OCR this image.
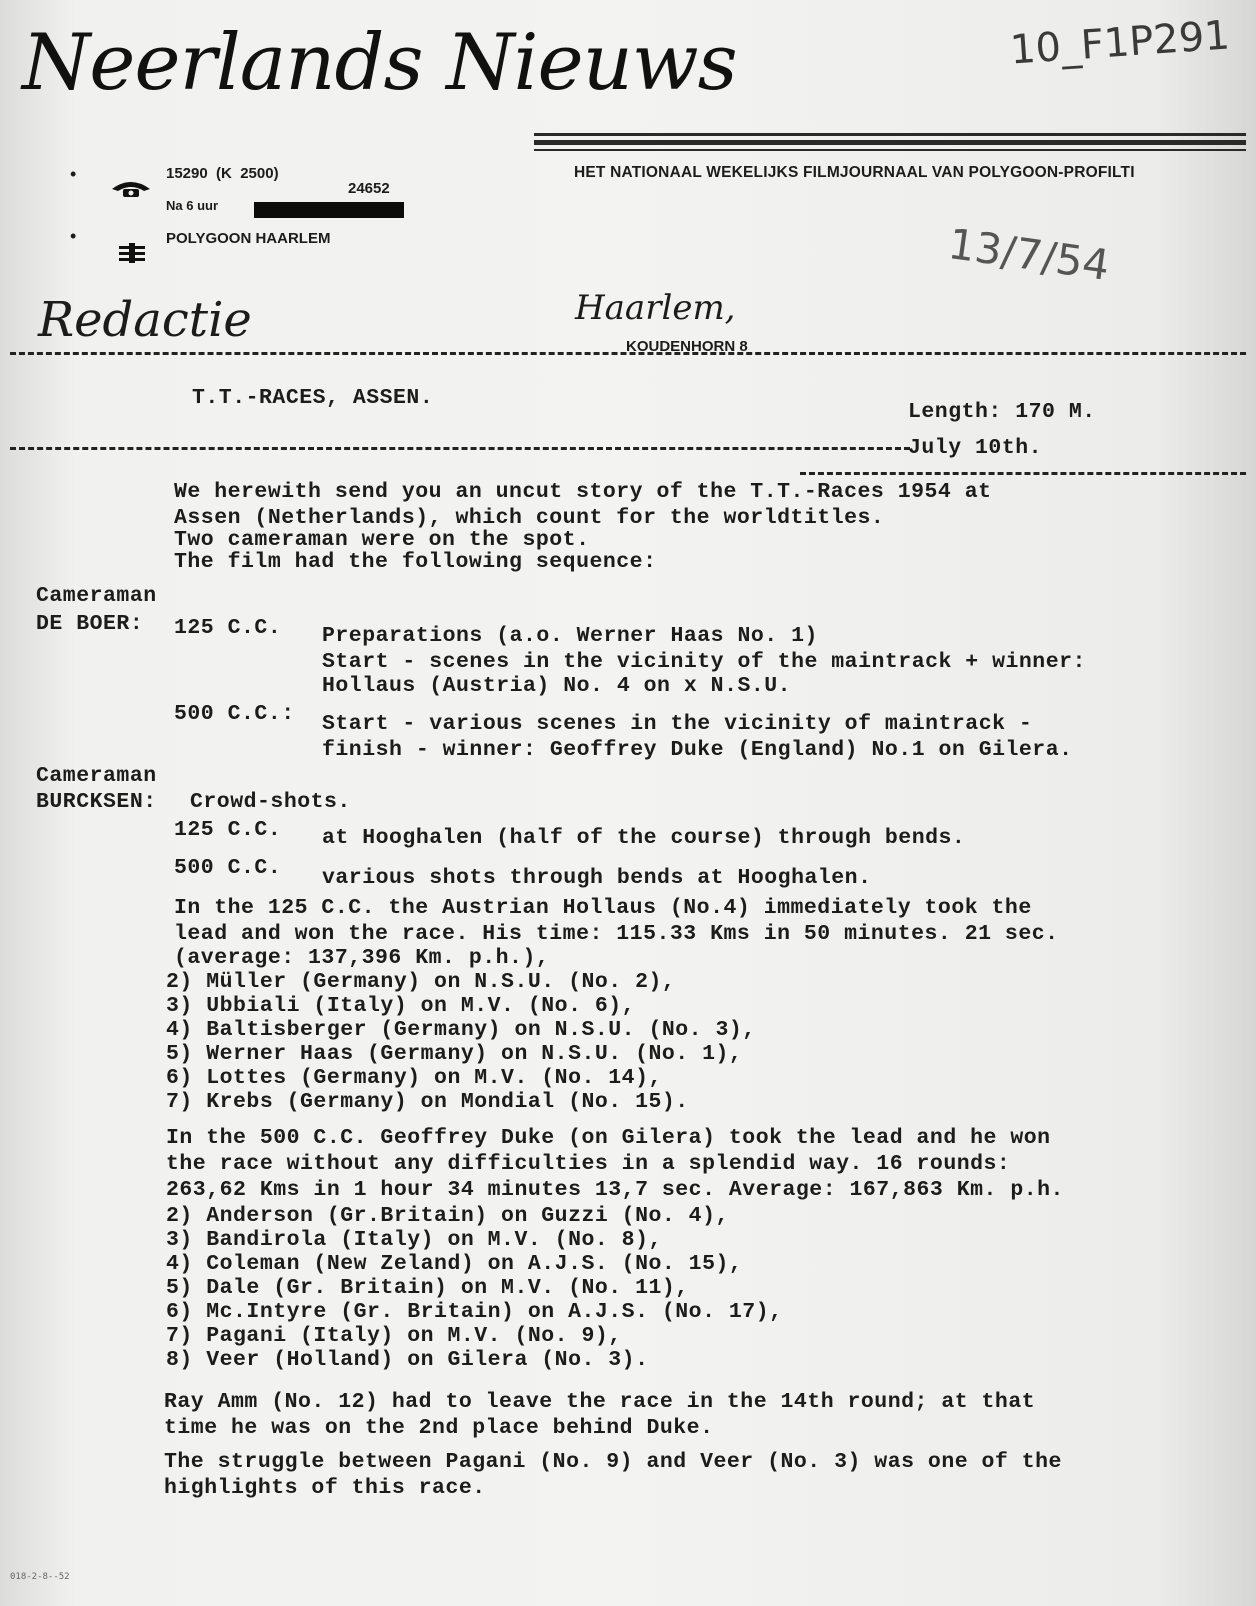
Neerlands Nieuws	10_F1P291
HET NATIONAAL WEKELIJKS FILMJOURNAAL VAN POLYGOON-PROFILTI
•

	15290  (K  2500)
24652
Na 6 uur
•

	POLYGOON HAARLEM	13/7/54
Redactie	Haarlem,
KOUDENHORN 8
T.T.-RACES, ASSEN.
Length: 170 M.
July 10th.
We herewith send you an uncut story of the T.T.-Races 1954 at
Assen (Netherlands), which count for the worldtitles.
Two cameraman were on the spot.
The film had the following sequence:
Cameraman
DE BOER: 125 C.C. Preparations (a.o. Werner Haas No. 1)
Start - scenes in the vicinity of the maintrack + winner:
Hollaus (Austria) No. 4 on x N.S.U.
500 C.C.: Start - various scenes in the vicinity of maintrack -
finish - winner: Geoffrey Duke (England) No.1 on Gilera.
Cameraman
BURCKSEN: Crowd-shots.
125 C.C. at Hooghalen (half of the course) through bends.
500 C.C. various shots through bends at Hooghalen.
In the 125 C.C. the Austrian Hollaus (No.4) immediately took the
lead and won the race. His time: 115.33 Kms in 50 minutes. 21 sec.
(average: 137,396 Km. p.h.),
2) Müller (Germany) on N.S.U. (No. 2),
3) Ubbiali (Italy) on M.V. (No. 6),
4) Baltisberger (Germany) on N.S.U. (No. 3),
5) Werner Haas (Germany) on N.S.U. (No. 1),
6) Lottes (Germany) on M.V. (No. 14),
7) Krebs (Germany) on Mondial (No. 15).
In the 500 C.C. Geoffrey Duke (on Gilera) took the lead and he won
the race without any difficulties in a splendid way. 16 rounds:
263,62 Kms in 1 hour 34 minutes 13,7 sec. Average: 167,863 Km. p.h.
2) Anderson (Gr.Britain) on Guzzi (No. 4),
3) Bandirola (Italy) on M.V. (No. 8),
4) Coleman (New Zeland) on A.J.S. (No. 15),
5) Dale (Gr. Britain) on M.V. (No. 11),
6) Mc.Intyre (Gr. Britain) on A.J.S. (No. 17),
7) Pagani (Italy) on M.V. (No. 9),
8) Veer (Holland) on Gilera (No. 3).
Ray Amm (No. 12) had to leave the race in the 14th round; at that
time he was on the 2nd place behind Duke.
The struggle between Pagani (No. 9) and Veer (No. 3) was one of the
highlights of this race.
018-2-8--52
